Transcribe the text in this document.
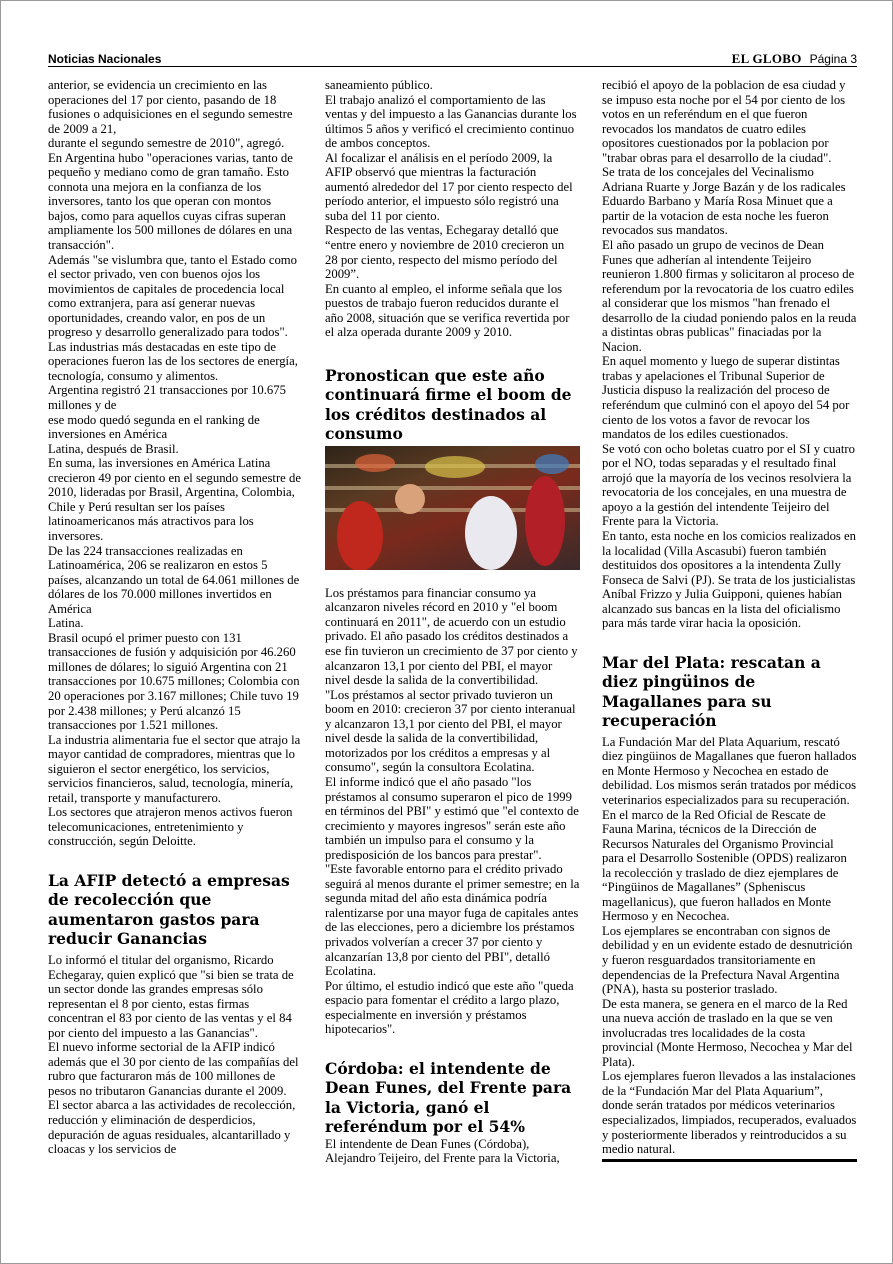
Noticias Nacionales	EL GLOBO Página 3

anterior, se evidencia un crecimiento en las operaciones del 17 por ciento, pasando de 18 fusiones o adquisiciones en el segundo semestre de 2009 a 21,

durante el segundo semestre de 2010", agregó.

En Argentina hubo "operaciones varias, tanto de pequeño y mediano como de gran tamaño. Esto connota una mejora en la confianza de los inversores, tanto los que operan con montos bajos, como para aquellos cuyas cifras superan ampliamente los 500 millones de dólares en una transacción".

Además "se vislumbra que, tanto el Estado como el sector privado, ven con buenos ojos los movimientos de capitales de procedencia local como extranjera, para así generar nuevas oportunidades, creando valor, en pos de un progreso y desarrollo generalizado para todos".

Las industrias más destacadas en este tipo de operaciones fueron las de los sectores de energía, tecnología, consumo y alimentos.

Argentina registró 21 transacciones por 10.675 millones y de

ese modo quedó segunda en el ranking de inversiones en América

Latina, después de Brasil.

En suma, las inversiones en América Latina crecieron 49 por ciento en el segundo semestre de 2010, lideradas por Brasil, Argentina, Colombia, Chile y Perú resultan ser los países latinoamericanos más atractivos para los inversores.

De las 224 transacciones realizadas en Latinoamérica, 206 se realizaron en estos 5 países, alcanzando un total de 64.061 millones de dólares de los 70.000 millones invertidos en América

Latina.

Brasil ocupó el primer puesto con 131 transacciones de fusión y adquisición por 46.260 millones de dólares; lo siguió Argentina con 21 transacciones por 10.675 millones; Colombia con 20 operaciones por 3.167 millones; Chile tuvo 19 por 2.438 millones; y Perú alcanzó 15 transacciones por 1.521 millones.

La industria alimentaria fue el sector que atrajo la mayor cantidad de compradores, mientras que lo siguieron el sector energético, los servicios, servicios financieros, salud, tecnología, minería, retail, transporte y manufacturero.

Los sectores que atrajeron menos activos fueron telecomunicaciones, entretenimiento y construcción, según Deloitte.

La AFIP detectó a empresas de recolección que aumentaron gastos para reducir Ganancias

Lo informó el titular del organismo, Ricardo Echegaray, quien explicó que "si bien se trata de un sector donde las grandes empresas sólo representan el 8 por ciento, estas firmas concentran el 83 por ciento de las ventas y el 84 por ciento del impuesto a las Ganancias".

El nuevo informe sectorial de la AFIP indicó además que el 30 por ciento de las compañías del rubro que facturaron más de 100 millones de pesos no tributaron Ganancias durante el 2009.

El sector abarca a las actividades de recolección, reducción y eliminación de desperdicios, depuración de aguas residuales, alcantarillado y cloacas y los servicios de

saneamiento público.

El trabajo analizó el comportamiento de las ventas y del impuesto a las Ganancias durante los últimos 5 años y verificó el crecimiento continuo de ambos conceptos.

Al focalizar el análisis en el período 2009, la AFIP observó que mientras la facturación aumentó alrededor del 17 por ciento respecto del período anterior, el impuesto sólo registró una suba del 11 por ciento.

Respecto de las ventas, Echegaray detalló que “entre enero y noviembre de 2010 crecieron un 28 por ciento, respecto del mismo período del 2009”.

En cuanto al empleo, el informe señala que los puestos de trabajo fueron reducidos durante el año 2008, situación que se verifica revertida por el alza operada durante 2009 y 2010.

Pronostican que este año continuará firme el boom de los créditos destinados al consumo

Los préstamos para financiar consumo ya alcanzaron niveles récord en 2010 y "el boom continuará en 2011", de acuerdo con un estudio privado. El año pasado los créditos destinados a ese fin tuvieron un crecimiento de 37 por ciento y alcanzaron 13,1 por ciento del PBI, el mayor nivel desde la salida de la convertibilidad.

"Los préstamos al sector privado tuvieron un boom en 2010: crecieron 37 por ciento interanual y alcanzaron 13,1 por ciento del PBI, el mayor nivel desde la salida de la convertibilidad, motorizados por los créditos a empresas y al consumo", según la consultora Ecolatina.

El informe indicó que el año pasado "los préstamos al consumo superaron el pico de 1999 en términos del PBI" y estimó que "el contexto de crecimiento y mayores ingresos" serán este año también un impulso para el consumo y la predisposición de los bancos para prestar".

"Este favorable entorno para el crédito privado seguirá al menos durante el primer semestre; en la segunda mitad del año esta dinámica podría ralentizarse por una mayor fuga de capitales antes de las elecciones, pero a diciembre los préstamos privados volverían a crecer 37 por ciento y alcanzarían 13,8 por ciento del PBI", detalló Ecolatina.

Por último, el estudio indicó que este año "queda espacio para fomentar el crédito a largo plazo, especialmente en inversión y préstamos hipotecarios".

Córdoba: el intendente de Dean Funes, del Frente para la Victoria, ganó el referéndum por el 54%

El intendente de Dean Funes (Córdoba), Alejandro Teijeiro, del Frente para la Victoria,

recibió el apoyo de la poblacion de esa ciudad y se impuso esta noche por el 54 por ciento de los votos en un referéndum en el que fueron revocados los mandatos de cuatro ediles opositores cuestionados por la poblacion por "trabar obras para el desarrollo de la ciudad".

Se trata de los concejales del Vecinalismo Adriana Ruarte y Jorge Bazán y de los radicales Eduardo Barbano y María Rosa Minuet que a partir de la votacion de esta noche les fueron revocados sus mandatos.

El año pasado un grupo de vecinos de Dean Funes que adherían al intendente Teijeiro reunieron 1.800 firmas y solicitaron al proceso de referendum por la revocatoria de los cuatro ediles al considerar que los mismos "han frenado el desarrollo de la ciudad poniendo palos en la reuda a distintas obras publicas" finaciadas por la Nacion.

En aquel momento y luego de superar distintas trabas y apelaciones el Tribunal Superior de Justicia dispuso la realización del proceso de referéndum que culminó con el apoyo del 54 por ciento de los votos a favor de revocar los mandatos de los ediles cuestionados.

Se votó con ocho boletas cuatro por el SI y cuatro por el NO, todas separadas y el resultado final arrojó que la mayoría de los vecinos resolviera la revocatoria de los concejales, en una muestra de apoyo a la gestión del intendente Teijeiro del Frente para la Victoria.

En tanto, esta noche en los comicios realizados en la localidad (Villa Ascasubi) fueron también destituidos dos opositores a la intendenta Zully Fonseca de Salvi (PJ). Se trata de los justicialistas Aníbal Frizzo y Julia Guipponi, quienes habían alcanzado sus bancas en la lista del oficialismo para más tarde virar hacia la oposición.

Mar del Plata: rescatan a diez pingüinos de Magallanes para su recuperación

La Fundación Mar del Plata Aquarium, rescató diez pingüinos de Magallanes que fueron hallados en Monte Hermoso y Necochea en estado de debilidad. Los mismos serán tratados por médicos veterinarios especializados para su recuperación.

En el marco de la Red Oficial de Rescate de Fauna Marina, técnicos de la Dirección de Recursos Naturales del Organismo Provincial para el Desarrollo Sostenible (OPDS) realizaron la recolección y traslado de diez ejemplares de “Pingüinos de Magallanes” (Spheniscus magellanicus), que fueron hallados en Monte Hermoso y en Necochea.

Los ejemplares se encontraban con signos de debilidad y en un evidente estado de desnutrición y fueron resguardados transitoriamente en dependencias de la Prefectura Naval Argentina (PNA), hasta su posterior traslado.

De esta manera, se genera en el marco de la Red una nueva acción de traslado en la que se ven involucradas tres localidades de la costa provincial (Monte Hermoso, Necochea y Mar del Plata).

Los ejemplares fueron llevados a las instalaciones de la “Fundación Mar del Plata Aquarium”, donde serán tratados por médicos veterinarios especializados, limpiados, recuperados, evaluados y posteriormente liberados y reintroducidos a su medio natural.
